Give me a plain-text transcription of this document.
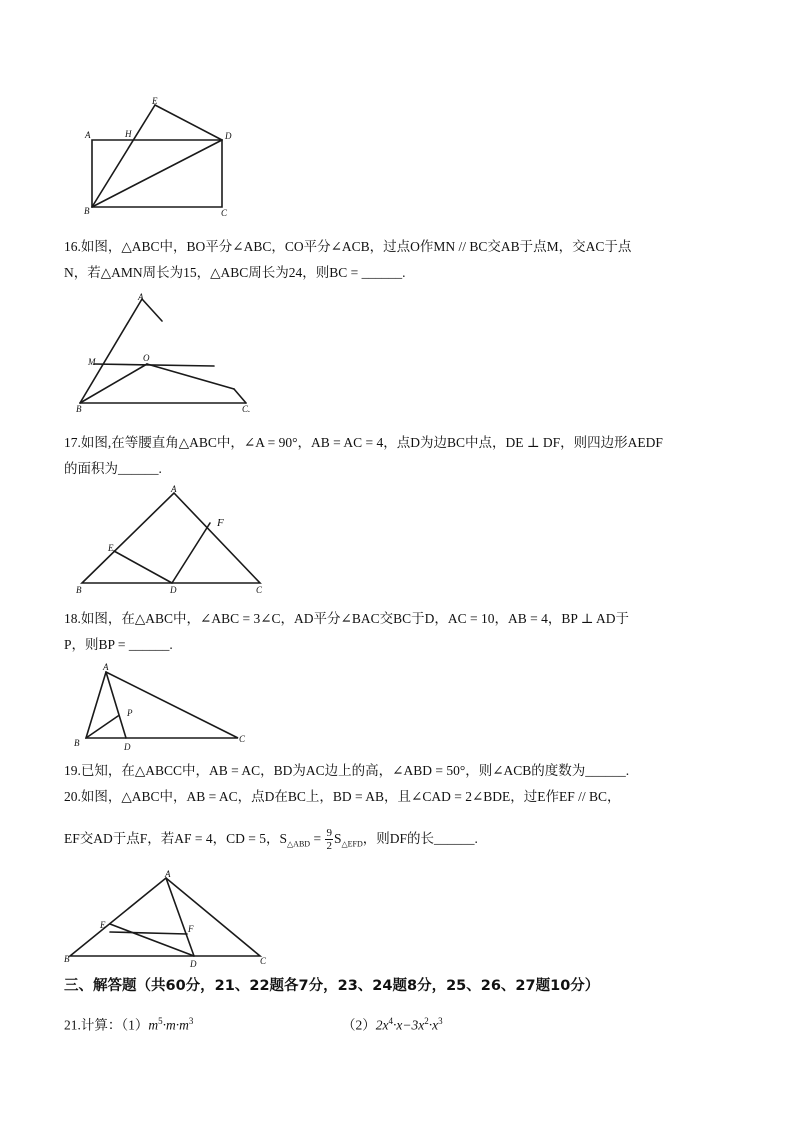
E
A	H	D
B	C
16.如图，△ABC中，BO平分∠ABC，CO平分∠ACB，过点O作MN // BC交AB于点M，交AC于点
N，若△AMN周长为15，△ABC周长为24，则BC = ______.
A
M	O
B	C.
17.如图,在等腰直角△ABC中，∠A = 90°，AB = AC = 4，点D为边BC中点，DE ⊥ DF，则四边形AEDF
的面积为______.
A
F
E
B	D	C
18.如图，在△ABC中，∠ABC = 3∠C，AD平分∠BAC交BC于D，AC = 10，AB = 4，BP ⊥ AD于
P，则BP = ______.
A
P
B	D
C
19.已知，在△ABCC中，AB = AC，BD为AC边上的高，∠ABD = 50°，则∠ACB的度数为______.
20.如图，△ABC中，AB = AC，点D在BC上，BD = AB，且∠CAD = 2∠BDE，过E作EF // BC，
EF交AD于点F，若AF = 4，CD = 5，$S_{\triangle ABD} = \frac{9}{2} S_{\triangle EFD}$，则DF的长______.
A
E	F
B	D	C
三、解答题（共60分，21、22题各7分，23、24题8分，25、26、27题10分）
21.计算：$(1)m^5\cdot m\cdot m^3$	$(2)2x^4\cdot x-3x^2\cdot x^3$
